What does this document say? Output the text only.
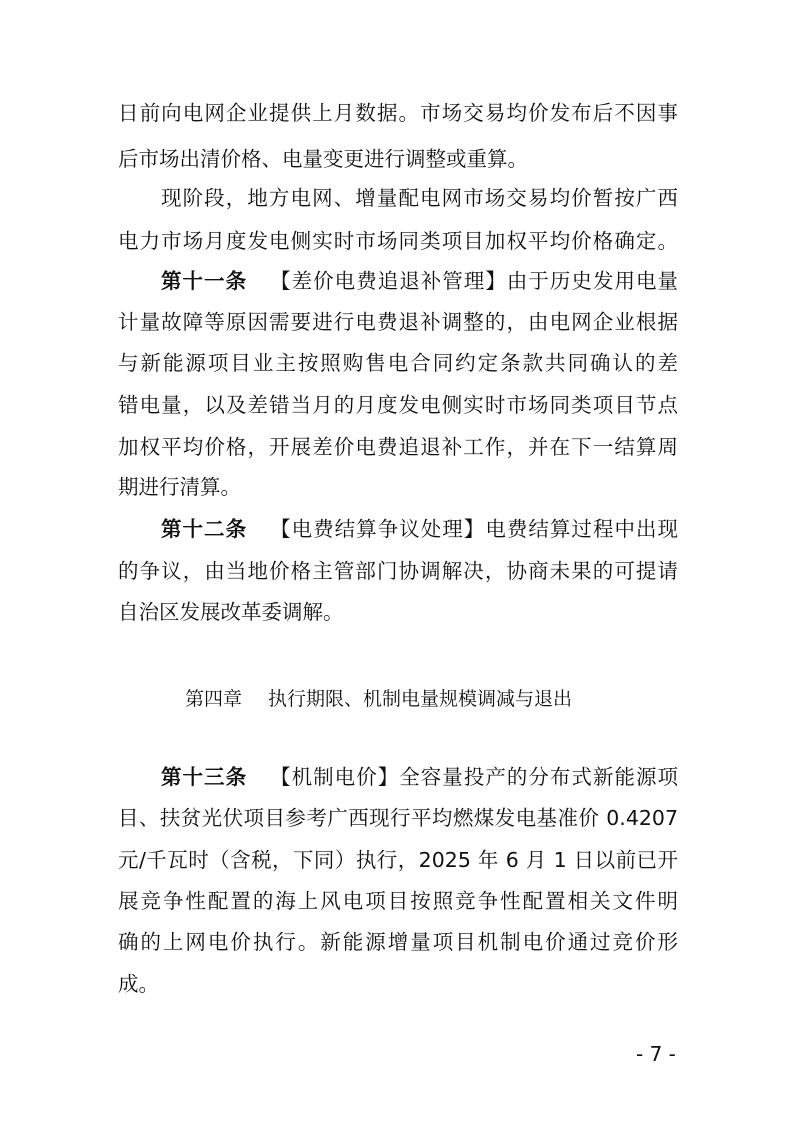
日前向电网企业提供上月数据。市场交易均价发布后不因事
后市场出清价格、电量变更进行调整或重算。
现阶段，地方电网、增量配电网市场交易均价暂按广西
电力市场月度发电侧实时市场同类项目加权平均价格确定。
第十一条 【差价电费追退补管理】由于历史发用电量
计量故障等原因需要进行电费退补调整的，由电网企业根据
与新能源项目业主按照购售电合同约定条款共同确认的差
错电量，以及差错当月的月度发电侧实时市场同类项目节点
加权平均价格，开展差价电费追退补工作，并在下一结算周
期进行清算。
第十二条 【电费结算争议处理】电费结算过程中出现
的争议，由当地价格主管部门协调解决，协商未果的可提请
自治区发展改革委调解。
第四章 执行期限、机制电量规模调减与退出
第十三条 【机制电价】全容量投产的分布式新能源项
目、扶贫光伏项目参考广西现行平均燃煤发电基准价 0.4207
元/千瓦时（含税，下同）执行，2025 年 6 月 1 日以前已开
展竞争性配置的海上风电项目按照竞争性配置相关文件明
确的上网电价执行。新能源增量项目机制电价通过竞价形
成。
- 7 -
